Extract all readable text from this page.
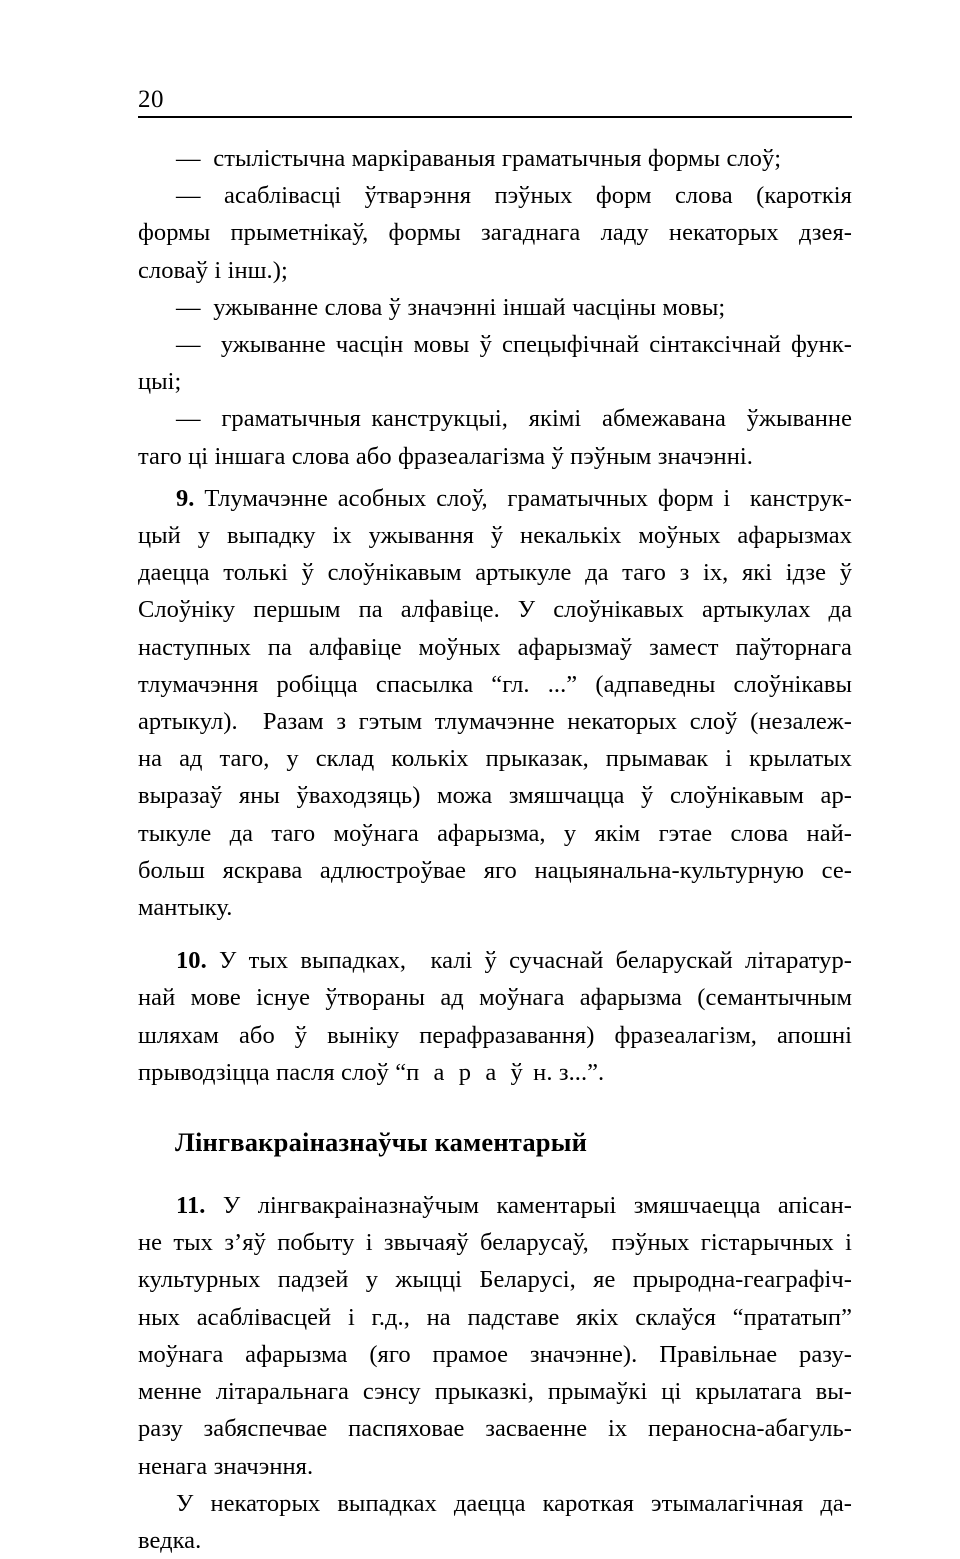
20
—  стылістычна маркіраваныя граматычныя формы слоў;
—  асаблівасці  ўтварэння  пэўных  форм  слова  (кароткія
формы  прыметнікаў,  формы  загаднага  ладу  некаторых  дзея-
словаў і інш.);
—  ужыванне слова ў значэнні іншай часціны мовы;
—  ужыванне часцін мовы ў спецыфічнай сінтаксічнай функ-
цыі;
—  граматычныя канструкцыі,  якімі  абмежавана  ўжыванне
таго ці іншага слова або фразеалагізма ў пэўным значэнні.
9. Тлумачэнне асобных слоў,  граматычных форм і  канструк-
цый  у  выпадку  іх  ужывання  ў  некалькіх  моўных  афарызмах
даецца  толькі  ў  слоўнікавым  артыкуле  да  таго  з  іх,  які  ідзе  ў
Слоўніку  першым  па  алфавіце.  У  слоўнікавых  артыкулах  да
наступных  па  алфавіце  моўных  афарызмаў  замест  паўторнага
тлумачэння  робіцца  спасылка  “гл.  ...”  (адпаведны  слоўнікавы
артыкул).  Разам з гэтым тлумачэнне некаторых слоў (незалеж-
на  ад  таго,  у  склад  колькіх  прыказак,  прымавак  і  крылатых
выразаў  яны  ўваходзяць)  можа  змяшчацца  ў  слоўнікавым  ар-
тыкуле  да  таго  моўнага  афарызма,  у  якім  гэтае  слова  най-
больш  яскрава  адлюстроўвае  яго  нацыянальна-культурную  се-
мантыку.
10. У тых выпадках,  калі ў сучаснай беларускай літаратур-
най  мове  існуе  ўтвораны  ад  моўнага  афарызма  (семантычным
шляхам  або  ў  выніку  перафразавання)  фразеалагізм,  апошні
прыводзіцца пасля слоў “п а р а ў н. з...”.
Лінгвакраіназнаўчы каментарый
11. У лінгвакраіназнаўчым каментарыі змяшчаецца апісан-
не тых з’яў побыту і звычаяў беларусаў,  пэўных гістарычных і
культурных падзей у жыцці Беларусі, яе прыродна-геаграфіч-
ных  асаблівасцей  і  г.д.,  на  падставе  якіх  склаўся  “прататып”
моўнага  афарызма  (яго  прамое  значэнне).  Правільнае  разу-
менне  літаральнага  сэнсу  прыказкі,  прымаўкі  ці  крылатага  вы-
разу  забяспечвае  паспяховае  засваенне  іх  пераносна-абагуль-
ненага значэння.
У  некаторых  выпадках  даецца  кароткая  этымалагічная  да-
ведка.
